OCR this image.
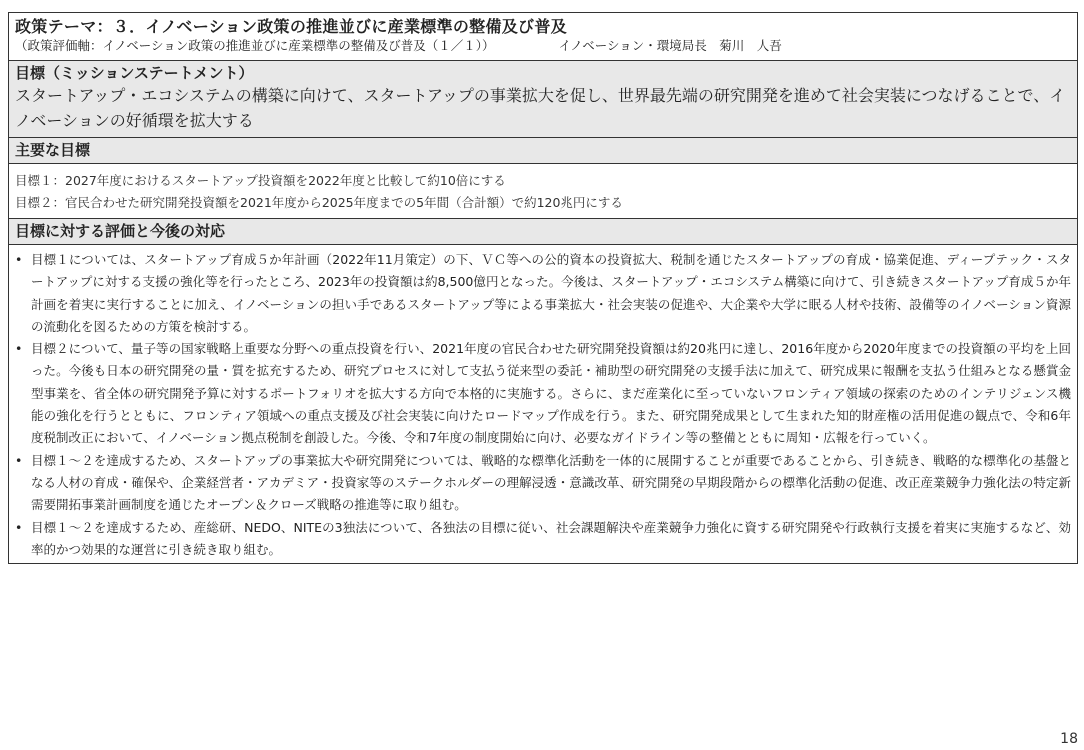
政策テーマ：３．イノベーション政策の推進並びに産業標準の整備及び普及
（政策評価軸：イノベーション政策の推進並びに産業標準の整備及び普及（１／１））	イノベーション・環境局長　菊川　人吾
目標（ミッションステートメント）
スタートアップ・エコシステムの構築に向けて、スタートアップの事業拡大を促し、世界最先端の研究開発を進めて社会実装につなげることで、イノベーションの好循環を拡大する
主要な目標
目標１：2027年度におけるスタートアップ投資額を2022年度と比較して約10倍にする
目標２：官民合わせた研究開発投資額を2021年度から2025年度までの5年間（合計額）で約120兆円にする
目標に対する評価と今後の対応
• 目標１については、スタートアップ育成５か年計画（2022年11月策定）の下、ＶＣ等への公的資本の投資拡大、税制を通じたスタートアップの育成・協業促進、ディープテック・スタートアップに対する支援の強化等を行ったところ、2023年の投資額は約8,500億円となった。今後は、スタートアップ・エコシステム構築に向けて、引き続きスタートアップ育成５か年計画を着実に実行することに加え、イノベーションの担い手であるスタートアップ等による事業拡大・社会実装の促進や、大企業や大学に眠る人材や技術、設備等のイノベーション資源の流動化を図るための方策を検討する。
• 目標２について、量子等の国家戦略上重要な分野への重点投資を行い、2021年度の官民合わせた研究開発投資額は約20兆円に達し、2016年度から2020年度までの投資額の平均を上回った。今後も日本の研究開発の量・質を拡充するため、研究プロセスに対して支払う従来型の委託・補助型の研究開発の支援手法に加えて、研究成果に報酬を支払う仕組みとなる懸賞金型事業を、省全体の研究開発予算に対するポートフォリオを拡大する方向で本格的に実施する。さらに、まだ産業化に至っていないフロンティア領域の探索のためのインテリジェンス機能の強化を行うとともに、フロンティア領域への重点支援及び社会実装に向けたロードマップ作成を行う。また、研究開発成果として生まれた知的財産権の活用促進の観点で、令和6年度税制改正において、イノベーション拠点税制を創設した。今後、令和7年度の制度開始に向け、必要なガイドライン等の整備とともに周知・広報を行っていく。
• 目標１～２を達成するため、スタートアップの事業拡大や研究開発については、戦略的な標準化活動を一体的に展開することが重要であることから、引き続き、戦略的な標準化の基盤となる人材の育成・確保や、企業経営者・アカデミア・投資家等のステークホルダーの理解浸透・意識改革、研究開発の早期段階からの標準化活動の促進、改正産業競争力強化法の特定新需要開拓事業計画制度を通じたオープン＆クローズ戦略の推進等に取り組む。
• 目標１～２を達成するため、産総研、NEDO、NITEの3独法について、各独法の目標に従い、社会課題解決や産業競争力強化に資する研究開発や行政執行支援を着実に実施するなど、効率的かつ効果的な運営に引き続き取り組む。
18
